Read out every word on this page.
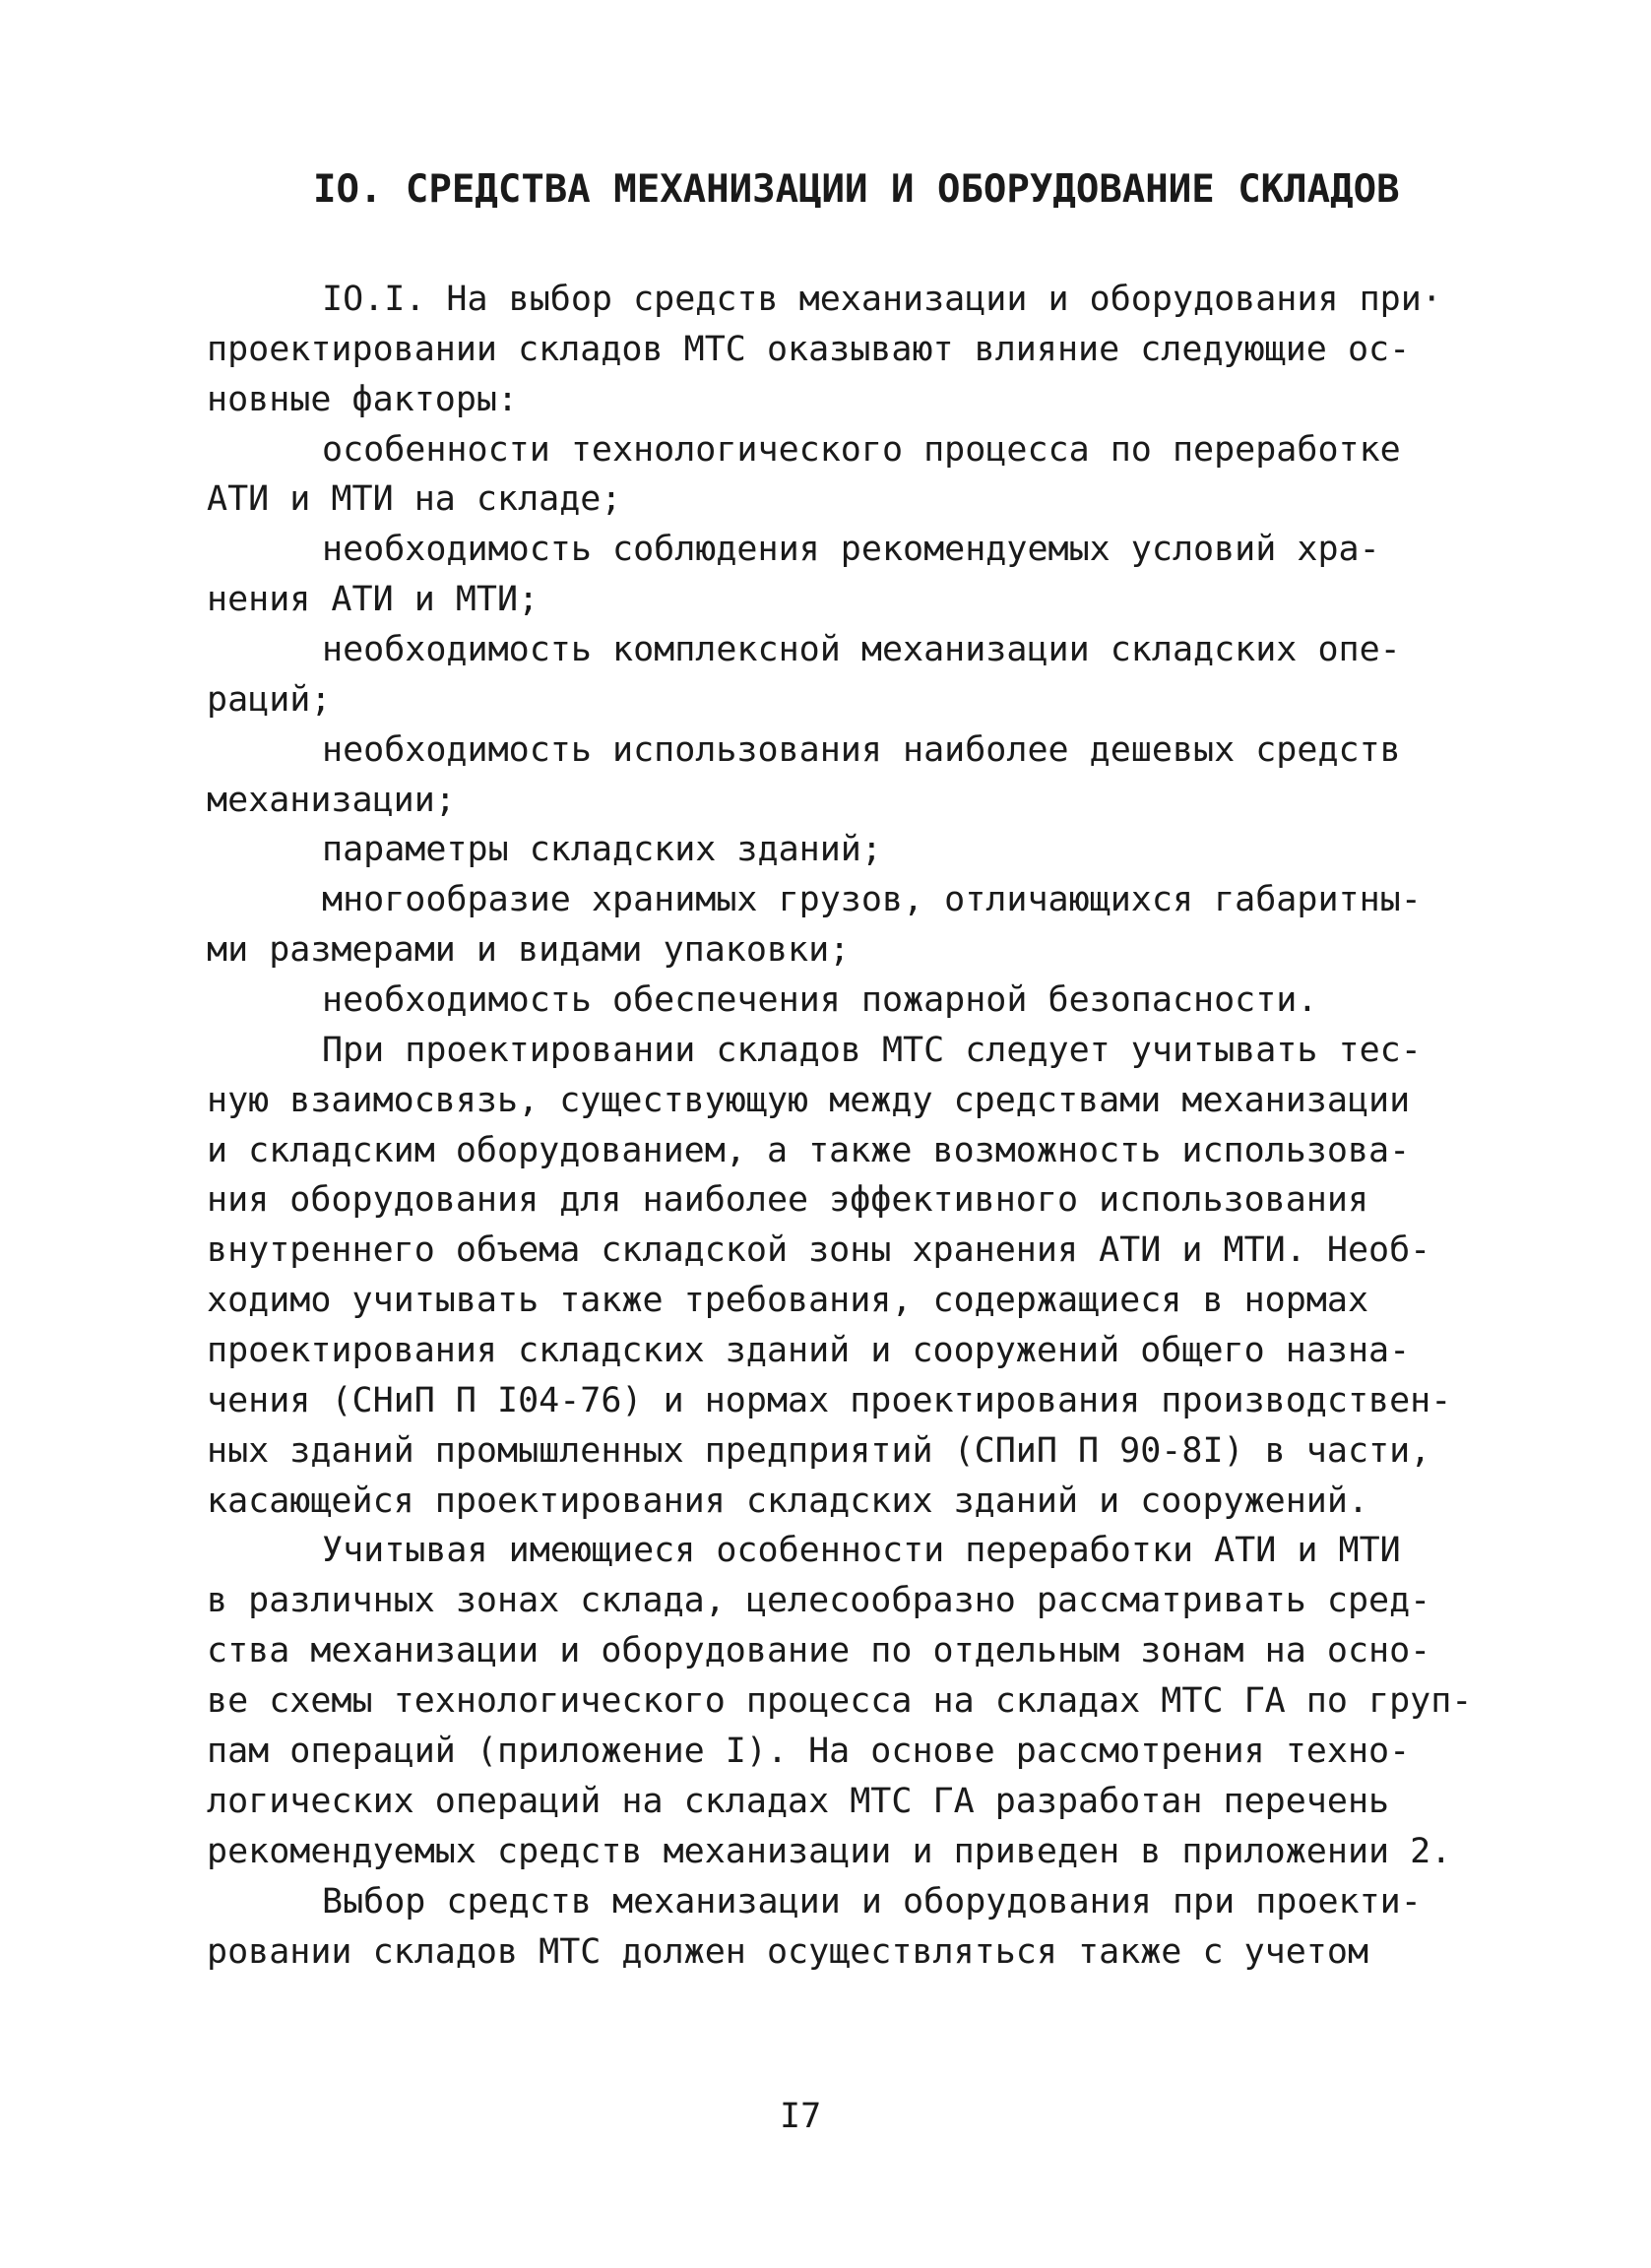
IO. СРЕДСТВА МЕХАНИЗАЦИИ И ОБОРУДОВАНИЕ СКЛАДОВ
IO.I. На выбор средств механизации и оборудования при·
проектировании складов МТС оказывают влияние следующие ос-
новные факторы:
особенности технологического процесса по переработке
АТИ и МТИ на складе;
необходимость соблюдения рекомендуемых условий хра-
нения АТИ и МТИ;
необходимость комплексной механизации складских опе-
раций;
необходимость использования наиболее дешевых средств
механизации;
параметры складских зданий;
многообразие хранимых грузов, отличающихся габаритны-
ми размерами и видами упаковки;
необходимость обеспечения пожарной безопасности.
При проектировании складов МТС следует учитывать тес-
ную взаимосвязь, существующую между средствами механизации
и складским оборудованием, а также возможность использова-
ния оборудования для наиболее эффективного использования
внутреннего объема складской зоны хранения АТИ и МТИ. Необ-
ходимо учитывать также требования, содержащиеся в нормах
проектирования складских зданий и сооружений общего назна-
чения (СНиП П I04-76) и нормах проектирования производствен-
ных зданий промышленных предприятий (СПиП П 90-8I) в части,
касающейся проектирования складских зданий и сооружений.
Учитывая имеющиеся особенности переработки АТИ и МТИ
в различных зонах склада, целесообразно рассматривать сред-
ства механизации и оборудование по отдельным зонам на осно-
ве схемы технологического процесса на складах МТС ГА по груп-
пам операций (приложение I). На основе рассмотрения техно-
логических операций на складах МТС ГА разработан перечень
рекомендуемых средств механизации и приведен в приложении 2.
Выбор средств механизации и оборудования при проекти-
ровании складов МТС должен осуществляться также с учетом
I7
